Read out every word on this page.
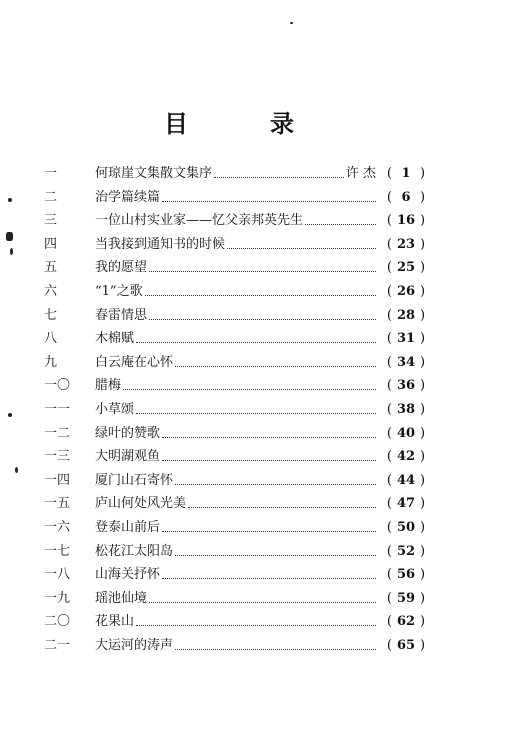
目	录
一	何琼崖文集散文集序	许 杰 ( 1 )
二	治学篇续篇	( 6 )
三	一位山村实业家——忆父亲邦英先生	( 16 )
四	当我接到通知书的时候	( 23 )
五	我的愿望	( 25 )
六	“1”之歌	( 26 )
七	春雷情思	( 28 )
八	木棉赋	( 31 )
九	白云庵在心怀	( 34 )
一〇	腊梅	( 36 )
一一	小草颂	( 38 )
一二	绿叶的赞歌	( 40 )
一三	大明湖观鱼	( 42 )
一四	厦门山石寄怀	( 44 )
一五	庐山何处风光美	( 47 )
一六	登泰山前后	( 50 )
一七	松花江太阳岛	( 52 )
一八	山海关抒怀	( 56 )
一九	瑶池仙境	( 59 )
二〇	花果山	( 62 )
二一	大运河的涛声	( 65 )
